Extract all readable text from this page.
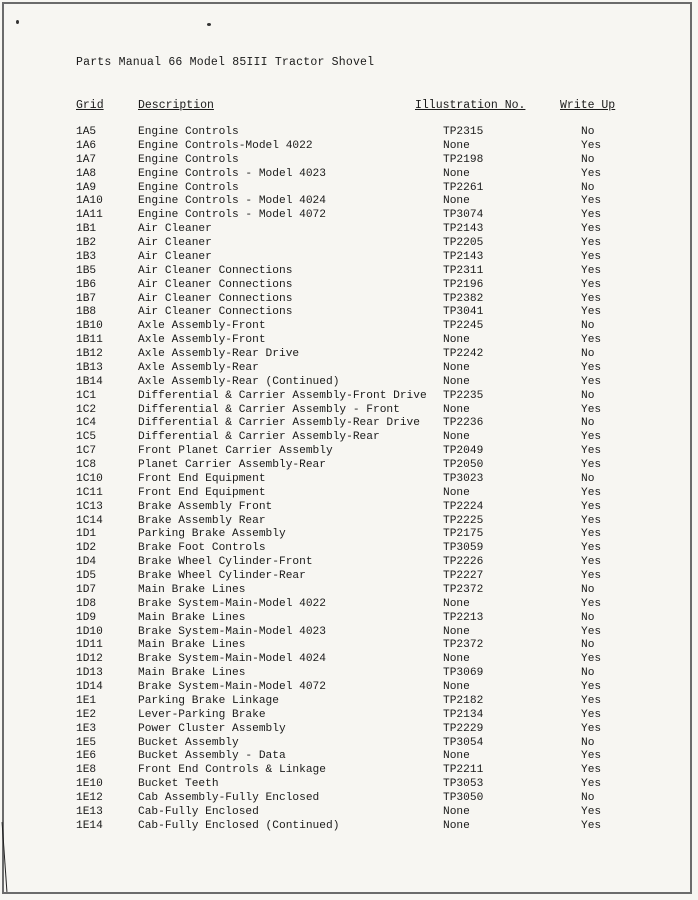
Parts Manual 66 Model 85III Tractor Shovel
Grid	Description	Illustration No.	Write Up
1A5	Engine Controls	TP2315	No
1A6	Engine Controls-Model 4022	None	Yes
1A7	Engine Controls	TP2198	No
1A8	Engine Controls - Model 4023	None	Yes
1A9	Engine Controls	TP2261	No
1A10	Engine Controls - Model 4024	None	Yes
1A11	Engine Controls - Model 4072	TP3074	Yes
1B1	Air Cleaner	TP2143	Yes
1B2	Air Cleaner	TP2205	Yes
1B3	Air Cleaner	TP2143	Yes
1B5	Air Cleaner Connections	TP2311	Yes
1B6	Air Cleaner Connections	TP2196	Yes
1B7	Air Cleaner Connections	TP2382	Yes
1B8	Air Cleaner Connections	TP3041	Yes
1B10	Axle Assembly-Front	TP2245	No
1B11	Axle Assembly-Front	None	Yes
1B12	Axle Assembly-Rear Drive	TP2242	No
1B13	Axle Assembly-Rear	None	Yes
1B14	Axle Assembly-Rear (Continued)	None	Yes
1C1	Differential & Carrier Assembly-Front Drive TP2235	No
1C2	Differential & Carrier Assembly - Front	None	Yes
1C4	Differential & Carrier Assembly-Rear Drive TP2236	No
1C5	Differential & Carrier Assembly-Rear	None	Yes
1C7	Front Planet Carrier Assembly	TP2049	Yes
1C8	Planet Carrier Assembly-Rear	TP2050	Yes
1C10	Front End Equipment	TP3023	No
1C11	Front End Equipment	None	Yes
1C13	Brake Assembly Front	TP2224	Yes
1C14	Brake Assembly Rear	TP2225	Yes
1D1	Parking Brake Assembly	TP2175	Yes
1D2	Brake Foot Controls	TP3059	Yes
1D4	Brake Wheel Cylinder-Front	TP2226	Yes
1D5	Brake Wheel Cylinder-Rear	TP2227	Yes
1D7	Main Brake Lines	TP2372	No
1D8	Brake System-Main-Model 4022	None	Yes
1D9	Main Brake Lines	TP2213	No
1D10	Brake System-Main-Model 4023	None	Yes
1D11	Main Brake Lines	TP2372	No
1D12	Brake System-Main-Model 4024	None	Yes
1D13	Main Brake Lines	TP3069	No
1D14	Brake System-Main-Model 4072	None	Yes
1E1	Parking Brake Linkage	TP2182	Yes
1E2	Lever-Parking Brake	TP2134	Yes
1E3	Power Cluster Assembly	TP2229	Yes
1E5	Bucket Assembly	TP3054	No
1E6	Bucket Assembly - Data	None	Yes
1E8	Front End Controls & Linkage	TP2211	Yes
1E10	Bucket Teeth	TP3053	Yes
1E12	Cab Assembly-Fully Enclosed	TP3050	No
1E13	Cab-Fully Enclosed	None	Yes
1E14	Cab-Fully Enclosed (Continued)	None	Yes
